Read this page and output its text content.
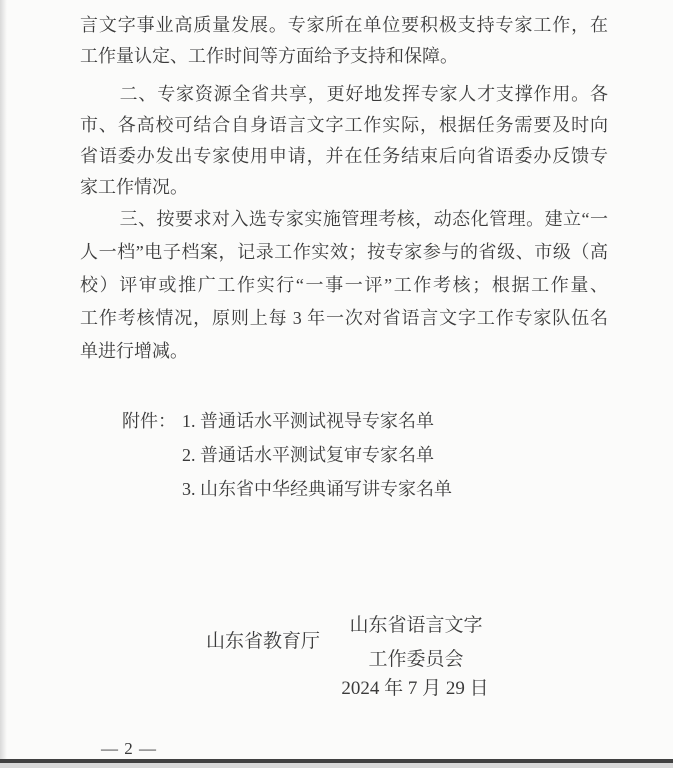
言文字事业高质量发展。专家所在单位要积极支持专家工作，在
工作量认定、工作时间等方面给予支持和保障。
二、专家资源全省共享，更好地发挥专家人才支撑作用。各
市、各高校可结合自身语言文字工作实际，根据任务需要及时向
省语委办发出专家使用申请，并在任务结束后向省语委办反馈专
家工作情况。
三、按要求对入选专家实施管理考核，动态化管理。建立“一
人一档”电子档案，记录工作实效；按专家参与的省级、市级（高
校）评审或推广工作实行“一事一评”工作考核；根据工作量、
工作考核情况，原则上每 3 年一次对省语言文字工作专家队伍名
单进行增减。
附件： 1. 普通话水平测试视导专家名单
2. 普通话水平测试复审专家名单
3. 山东省中华经典诵写讲专家名单
山东省教育厅
山东省语言文字
工作委员会
2024 年 7 月 29 日
— 2 —
